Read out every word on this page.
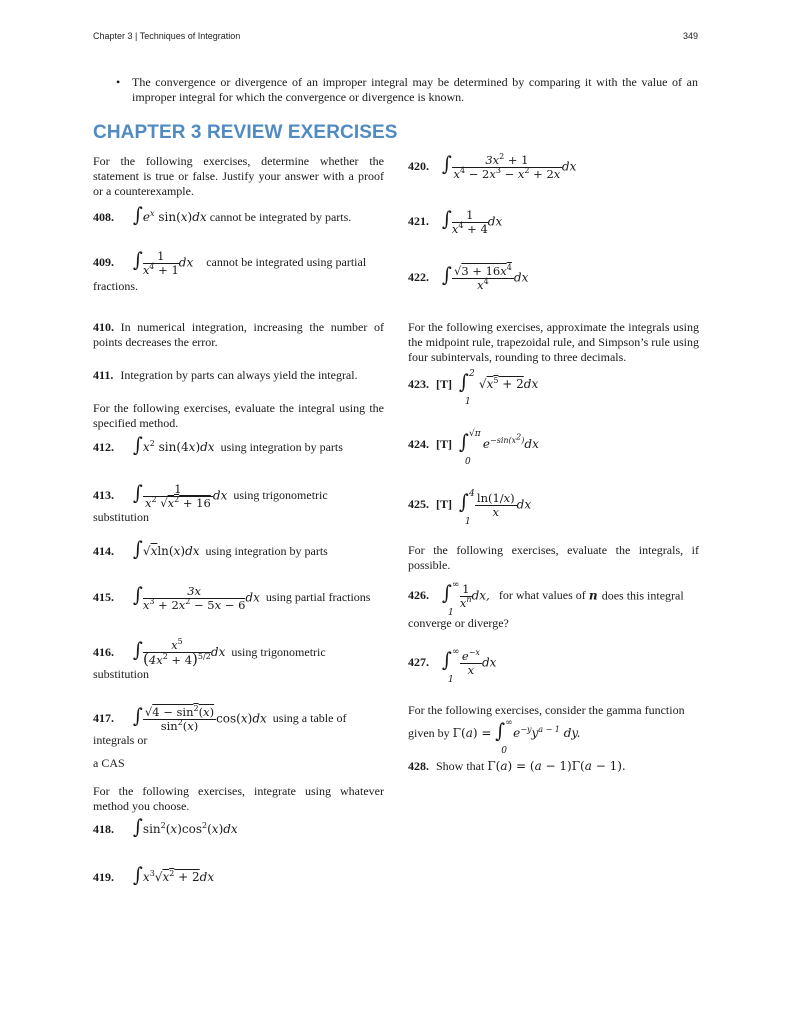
Chapter 3 | Techniques of Integration	349
• The convergence or divergence of an improper integral may be determined by comparing it with the value of an improper integral for which the convergence or divergence is known.
CHAPTER 3 REVIEW EXERCISES
For the following exercises, determine whether the statement is true or false. Justify your answer with a proof or a counterexample.
408. $\int e^x$ sin(x)dx cannot be integrated by parts.
409. ∫ $\frac{1}{x^4 + 1}$ dx cannot be integrated using partial
fractions.
410. In numerical integration, increasing the number of points decreases the error.
411. Integration by parts can always yield the integral.
For the following exercises, evaluate the integral using the specified method.
412. $\int x^2$ sin(4x)dx using integration by parts
413. ∫ $\frac{1}{x^2 √x^2 + 16}$ dx using trigonometric substitution
414. ∫√xln(x)dx using integration by parts
415. ∫ $\frac{3x}{x^3 + 2x^2 - 5x - 6}$ dx using partial fractions
416. ∫ $\frac{x^5}{(4x^2 + 4)^{5/2}}$ dx using trigonometric substitution
417. ∫ $\frac{√4 - \sin^2(x)}{\sin^2(x)} \cos(x)dx$ using a table of integrals or
a CAS
For the following exercises, integrate using whatever method you choose.
418. $\int\sin^2(x)\cos^2(x)dx$
419. $\int x^3√x^2 + 2dx$
420. ∫ $\frac{3x^2 + 1}{x^4 - 2x^3 - x^2 + 2x}$ dx
421. ∫ $\frac{1}{x^4 + 4}$ dx
422. ∫ $\frac{√3 + 16x^4}{x^4}$ dx
For the following exercises, approximate the integrals using the midpoint rule, trapezoidal rule, and Simpson’s rule using four subintervals, rounding to three decimals.
423. [T] ∫ 2
1
$√x^5 + 2dx$
424. [T] ∫ √π
0
$e^{-sin(x^2)}dx$
425. [T] ∫ 4
1
$\frac{\ln(1/x)}{x}$ dx
For the following exercises, evaluate the integrals, if possible.
426. ∫ ∞
1
$\frac{1}{x^n}$ dx, for what values of n does this integral
converge or diverge?
427. ∫ ∞
1
$\frac{e^{-x}}{x}$ dx
For the following exercises, consider the gamma function
given by Γ(a) = ∫ ∞
0
$e^{-y}y^{a - 1}$ dy.
428. Show that Γ(a) = (a − 1)Γ(a − 1).
